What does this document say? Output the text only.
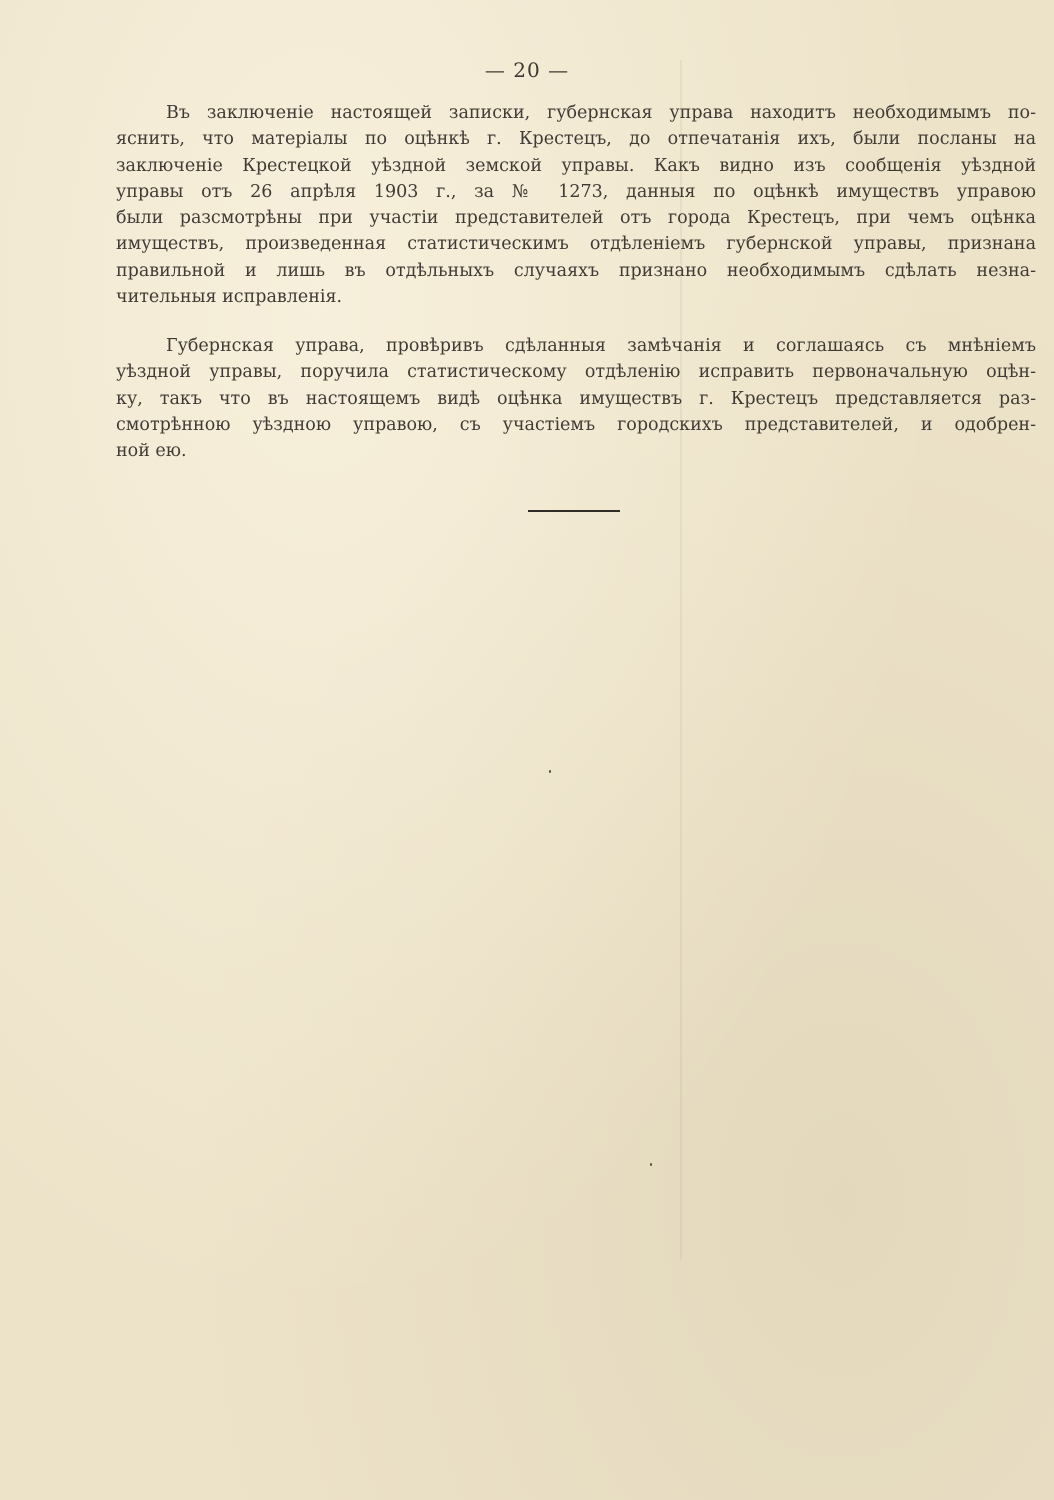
— 20 —
Въ заключеніе настоящей записки, губернская управа находитъ необходимымъ по-
яснить, что матеріалы по оцѣнкѣ г. Крестецъ, до отпечатанія ихъ, были посланы на
заключеніе Крестецкой уѣздной земской управы. Какъ видно изъ сообщенія уѣздной
управы отъ 26 апрѣля 1903 г., за № 1273, данныя по оцѣнкѣ имуществъ управою
были разсмотрѣны при участіи представителей отъ города Крестецъ, при чемъ оцѣнка
имуществъ, произведенная статистическимъ отдѣленіемъ губернской управы, признана
правильной и лишь въ отдѣльныхъ случаяхъ признано необходимымъ сдѣлать незна-
чительныя исправленія.
Губернская управа, провѣривъ сдѣланныя замѣчанія и соглашаясь съ мнѣніемъ
уѣздной управы, поручила статистическому отдѣленію исправить первоначальную оцѣн-
ку, такъ что въ настоящемъ видѣ оцѣнка имуществъ г. Крестецъ представляется раз-
смотрѣнною уѣздною управою, съ участіемъ городскихъ представителей, и одобрен-
ной ею.
